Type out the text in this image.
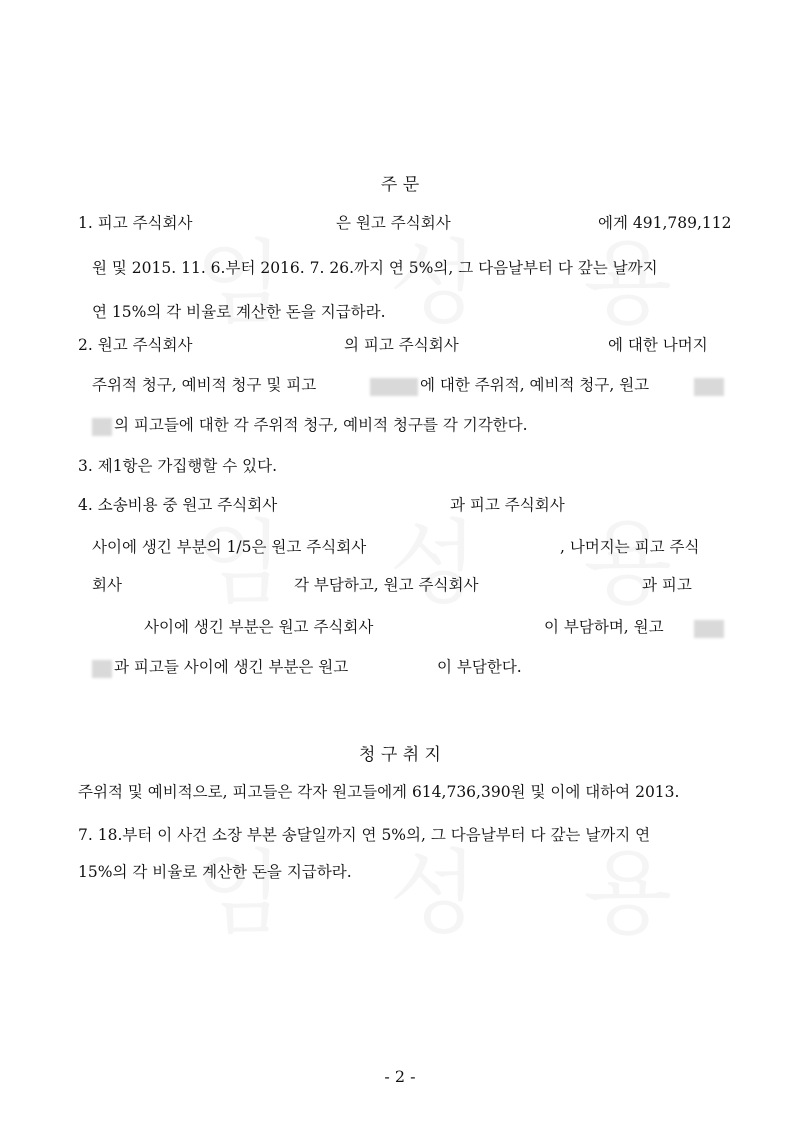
주 문
1. 피고 주식회사	은 원고 주식회사	에게 491,789,112
원 및 2015. 11. 6.부터 2016. 7. 26.까지 연 5%의, 그 다음날부터 다 갚는 날까지
연 15%의 각 비율로 계산한 돈을 지급하라.
2. 원고 주식회사	의 피고 주식회사	에 대한 나머지
주위적 청구, 예비적 청구 및 피고	에 대한 주위적, 예비적 청구, 원고
의 피고들에 대한 각 주위적 청구, 예비적 청구를 각 기각한다.
3. 제1항은 가집행할 수 있다.
4. 소송비용 중 원고 주식회사	과 피고 주식회사
사이에 생긴 부분의 1/5은 원고 주식회사	, 나머지는 피고 주식
회사	각 부담하고, 원고 주식회사	과 피고
사이에 생긴 부분은 원고 주식회사	이 부담하며, 원고
과 피고들 사이에 생긴 부분은 원고	이 부담한다.
청 구 취 지
주위적 및 예비적으로, 피고들은 각자 원고들에게 614,736,390원 및 이에 대하여 2013.
7. 18.부터 이 사건 소장 부본 송달일까지 연 5%의, 그 다음날부터 다 갚는 날까지 연
15%의 각 비율로 계산한 돈을 지급하라.
- 2 -
